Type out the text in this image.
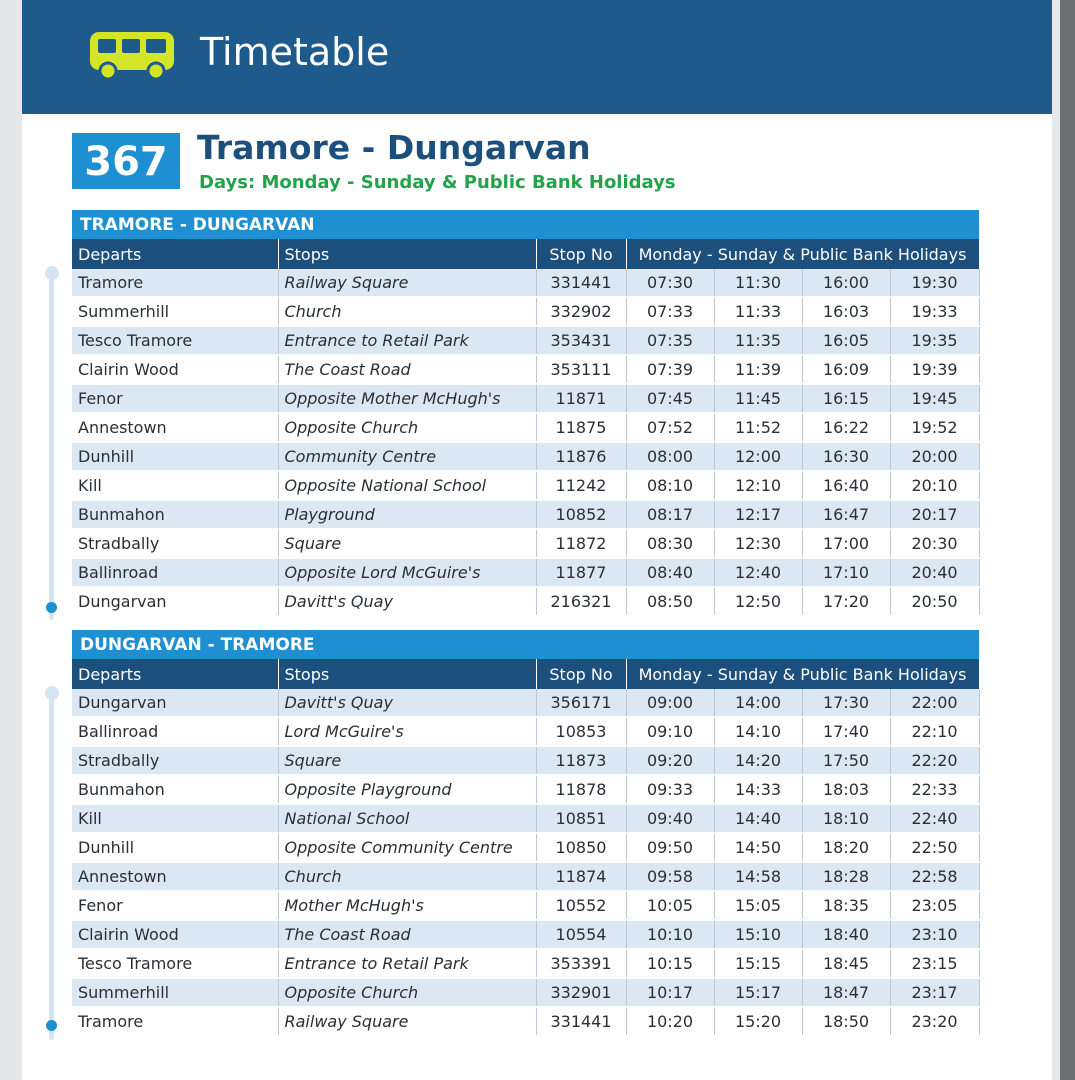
Timetable
367 Tramore - Dungarvan
Days: Monday - Sunday & Public Bank Holidays
TRAMORE - DUNGARVAN
Departs	Stops	Stop No	Monday - Sunday & Public Bank Holidays			
Tramore	Railway Square	331441	07:30	11:30	16:00	19:30
Summerhill	Church	332902	07:33	11:33	16:03	19:33
Tesco Tramore	Entrance to Retail Park	353431	07:35	11:35	16:05	19:35
Clairin Wood	The Coast Road	353111	07:39	11:39	16:09	19:39
Fenor	Opposite Mother McHugh's	11871	07:45	11:45	16:15	19:45
Annestown	Opposite Church	11875	07:52	11:52	16:22	19:52
Dunhill	Community Centre	11876	08:00	12:00	16:30	20:00
Kill	Opposite National School	11242	08:10	12:10	16:40	20:10
Bunmahon	Playground	10852	08:17	12:17	16:47	20:17
Stradbally	Square	11872	08:30	12:30	17:00	20:30
Ballinroad	Opposite Lord McGuire's	11877	08:40	12:40	17:10	20:40
Dungarvan	Davitt's Quay	216321	08:50	12:50	17:20	20:50
DUNGARVAN - TRAMORE
Departs	Stops	Stop No	Monday - Sunday & Public Bank Holidays			
Dungarvan	Davitt's Quay	356171	09:00	14:00	17:30	22:00
Ballinroad	Lord McGuire's	10853	09:10	14:10	17:40	22:10
Stradbally	Square	11873	09:20	14:20	17:50	22:20
Bunmahon	Opposite Playground	11878	09:33	14:33	18:03	22:33
Kill	National School	10851	09:40	14:40	18:10	22:40
Dunhill	Opposite Community Centre	10850	09:50	14:50	18:20	22:50
Annestown	Church	11874	09:58	14:58	18:28	22:58
Fenor	Mother McHugh's	10552	10:05	15:05	18:35	23:05
Clairin Wood	The Coast Road	10554	10:10	15:10	18:40	23:10
Tesco Tramore	Entrance to Retail Park	353391	10:15	15:15	18:45	23:15
Summerhill	Opposite Church	332901	10:17	15:17	18:47	23:17
Tramore	Railway Square	331441	10:20	15:20	18:50	23:20
